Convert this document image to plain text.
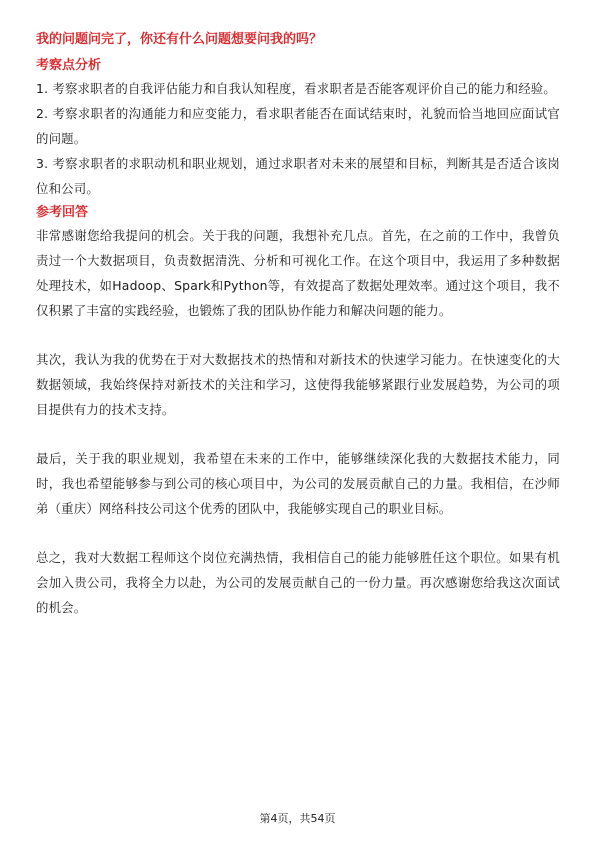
我的问题问完了，你还有什么问题想要问我的吗？

考察点分析

1. 考察求职者的自我评估能力和自我认知程度，看求职者是否能客观评价自己的能力和经验。

2. 考察求职者的沟通能力和应变能力，看求职者能否在面试结束时，礼貌而恰当地回应面试官的问题。

3. 考察求职者的求职动机和职业规划，通过求职者对未来的展望和目标，判断其是否适合该岗位和公司。

参考回答

非常感谢您给我提问的机会。关于我的问题，我想补充几点。首先，在之前的工作中，我曾负责过一个大数据项目，负责数据清洗、分析和可视化工作。在这个项目中，我运用了多种数据处理技术，如Hadoop、Spark和Python等，有效提高了数据处理效率。通过这个项目，我不仅积累了丰富的实践经验，也锻炼了我的团队协作能力和解决问题的能力。

其次，我认为我的优势在于对大数据技术的热情和对新技术的快速学习能力。在快速变化的大数据领域，我始终保持对新技术的关注和学习，这使得我能够紧跟行业发展趋势，为公司的项目提供有力的技术支持。

最后，关于我的职业规划，我希望在未来的工作中，能够继续深化我的大数据技术能力，同时，我也希望能够参与到公司的核心项目中，为公司的发展贡献自己的力量。我相信，在沙师弟（重庆）网络科技公司这个优秀的团队中，我能够实现自己的职业目标。

总之，我对大数据工程师这个岗位充满热情，我相信自己的能力能够胜任这个职位。如果有机会加入贵公司，我将全力以赴，为公司的发展贡献自己的一份力量。再次感谢您给我这次面试的机会。

第4页，共54页
